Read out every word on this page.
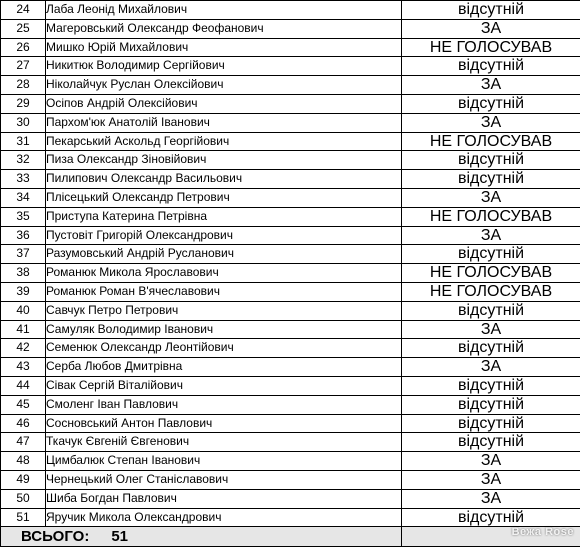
24	Лаба Леонід Михайлович	відсутній
25	Магеровський Олександр Феофанович	ЗА
26	Мишко Юрій Михайлович	НЕ ГОЛОСУВАВ
27	Никитюк Володимир Сергійович	відсутній
28	Ніколайчук Руслан Олексійович	ЗА
29	Осіпов Андрій Олексійович	відсутній
30	Пархом'юк Анатолій Іванович	ЗА
31	Пекарський Аскольд Георгійович	НЕ ГОЛОСУВАВ
32	Пиза Олександр Зіновійович	відсутній
33	Пилипович Олександр Васильович	відсутній
34	Плісецький Олександр Петрович	ЗА
35	Приступа Катерина Петрівна	НЕ ГОЛОСУВАВ
36	Пустовіт Григорій Олександрович	ЗА
37	Разумовський Андрій Русланович	відсутній
38	Романюк Микола Ярославович	НЕ ГОЛОСУВАВ
39	Романюк Роман В'ячеславович	НЕ ГОЛОСУВАВ
40	Савчук Петро Петрович	відсутній
41	Самуляк Володимир Іванович	ЗА
42	Семенюк Олександр Леонтійович	відсутній
43	Серба Любов Дмитрівна	ЗА
44	Сівак Сергій Віталійович	відсутній
45	Смоленг Іван Павлович	відсутній
46	Сосновський Антон Павлович	відсутній
47	Ткачук Євгеній Євгенович	відсутній
48	Цимбалюк Степан Іванович	ЗА
49	Чернецький Олег Станіславович	ЗА
50	Шиба Богдан Павлович	ЗА
51	Яручик Микола Олександрович	відсутній
ВСЬОГО: 51			Вежа Rose
